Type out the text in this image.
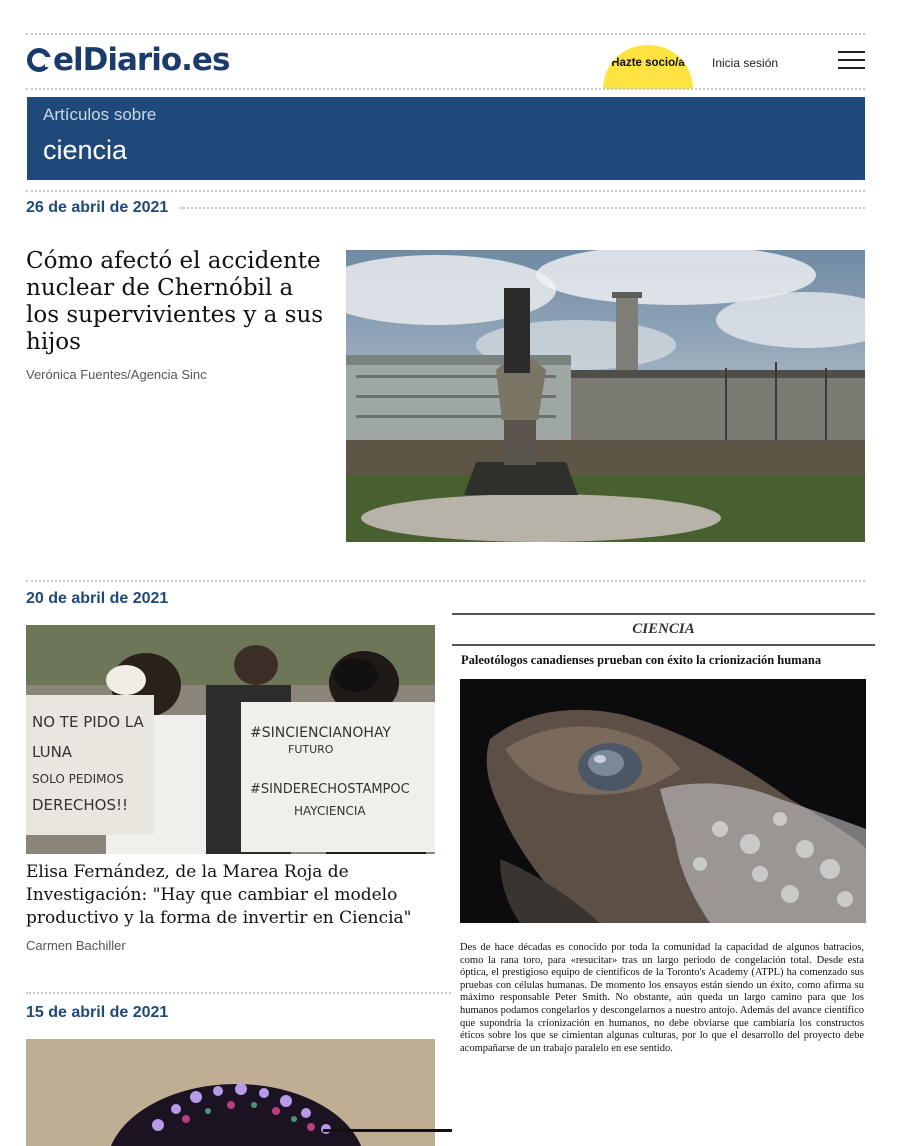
elDiario.es	Hazte socio/a	Inicia sesión
Artículos sobre
ciencia
26 de abril de 2021
Cómo afectó el accidente nuclear de Chernóbil a los supervivientes y a sus hijos
Verónica Fuentes/Agencia Sinc
20 de abril de 2021
NO TE PIDO LA
LUNA
SOLO PEDIMOS
DERECHOS!!
#SINCIENCIANOHAY
FUTURO
#SINDERECHOSTAMPOC
HAYCIENCIA
Elisa Fernández, de la Marea Roja de Investigación: "Hay que cambiar el modelo productivo y la forma de invertir en Ciencia"
Carmen Bachiller
15 de abril de 2021
CIENCIA
Paleotólogos canadienses prueban con éxito la crionización humana
Des de hace décadas es conocido por toda la comunidad la capacidad de algunos batracios, como la rana toro, para «resucitar» tras un largo periodo de congelación total. Desde esta óptica, el prestigioso equipo de científicos de la Toronto's Academy (ATPL) ha comenzado sus pruebas con células humanas. De momento los ensayos están siendo un éxito, como afirma su máximo responsable Peter Smith. No obstante, aún queda un largo camino para que los humanos podamos congelarlos y descongelarnos a nuestro antojo. Además del avance científico que supondría la crionización en humanos, no debe obviarse que cambiaría los constructos éticos sobre los que se cimientan algunas culturas, por lo que el desarrollo del proyecto debe acompañarse de un trabajo paralelo en ese sentido.
